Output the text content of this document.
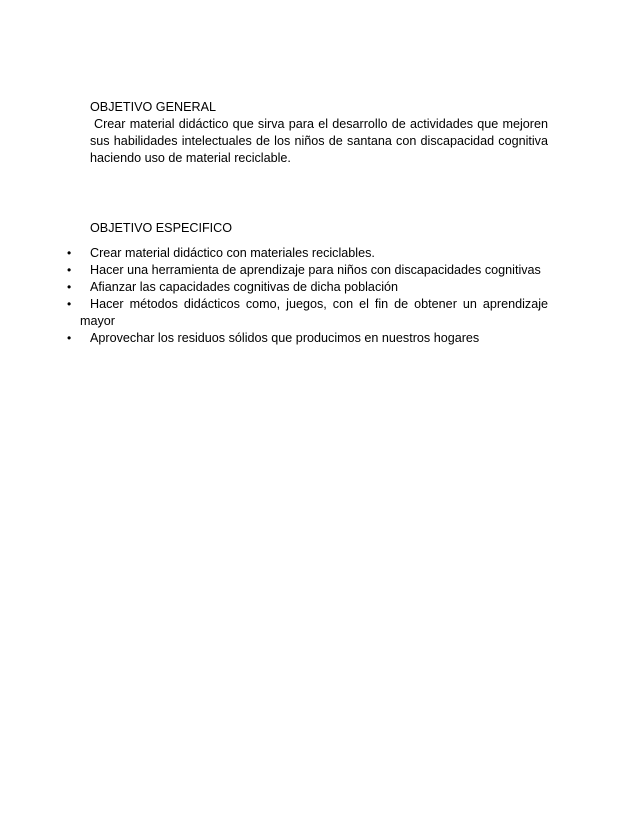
OBJETIVO GENERAL

Crear material didáctico que sirva para el desarrollo de actividades que mejoren sus habilidades intelectuales de los niños de santana con discapacidad cognitiva haciendo uso de material reciclable.

OBJETIVO ESPECIFICO

• Crear material didáctico con materiales reciclables.
• Hacer una herramienta de aprendizaje para niños con discapacidades cognitivas
• Afianzar las capacidades cognitivas de dicha población
• Hacer métodos didácticos como, juegos, con el fin de obtener un aprendizaje
mayor
• Aprovechar los residuos sólidos que producimos en nuestros hogares
